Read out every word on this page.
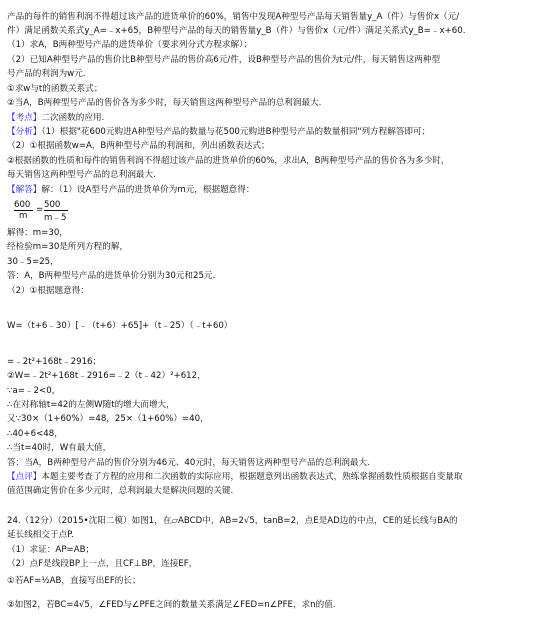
产品的每件的销售利润不得超过该产品的进货单价的60%，销售中发现A种型号产品每天销售量y_A（件）与售价x（元/
件）满足函数关系式y_A=﹣x+65，B种型号产品的每天的销售量y_B（件）与售价x（元/件）满足关系式y_B=﹣x+60.
（1）求A，B两种型号产品的进货单价（要求列分式方程求解）；
（2）已知A种型号产品的售价比B种型号产品的售价高6元/件，设B种型号产品的售价为t元/件，每天销售这两种型
号产品的利润为w元.
①求w与t的函数关系式；
②当A，B两种型号产品的售价各为多少时，每天销售这两种型号产品的总利润最大.
【考点】二次函数的应用.
【分析】（1）根据"花600元购进A种型号产品的数量与花500元购进B种型号产品的数量相同"列方程解答即可；
（2）①根据函数w=A，B两种型号产品的利润和，列出函数表达式；
②根据函数的性质和每件的销售利润不得超过该产品的进货单价的60%，求出A，B两种型号产品的售价各为多少时，
每天销售这两种型号产品的总利润最大.
【解答】解：（1）设A型号产品的进货单价为m元，根据题意得：
600
m
= 500
m﹣5
解得：m=30，
经检验m=30是所列方程的解，
30﹣5=25，
答：A，B两种型号产品的进货单价分别为30元和25元.
（2）①根据题意得：
W=（t+6﹣30）[﹣（t+6）+65]+（t﹣25）（﹣t+60）
=﹣2t²+168t﹣2916；
②W=﹣2t²+168t﹣2916=﹣2（t﹣42）²+612，
∵a=﹣2<0，
∴在对称轴t=42的左侧W随t的增大而增大，
又∵30×（1+60%）=48，25×（1+60%）=40，
∴40+6<48，
∴当t=40时，W有最大值，
答：当A，B两种型号产品的售价分别为46元、40元时，每天销售这两种型号产品的总利润最大.
【点评】本题主要考查了方程的应用和二次函数的实际应用，根据题意列出函数表达式，熟练掌握函数性质根据自变量取
值范围确定售价在多少元时，总利润最大是解决问题的关键.
24.（12分）（2015•沈阳二模）如图1，在▱ABCD中，AB=2√5，tanB=2，点E是AD边的中点，CE的延长线与BA的
延长线相交于点P.
（1）求证：AP=AB；
（2）点F是线段BP上一点，且CF⊥BP，连接EF，
①若AF=½AB，直接写出EF的长；
②如图2，若BC=4√5，∠FED与∠PFE之间的数量关系满足∠FED=n∠PFE，求n的值.
